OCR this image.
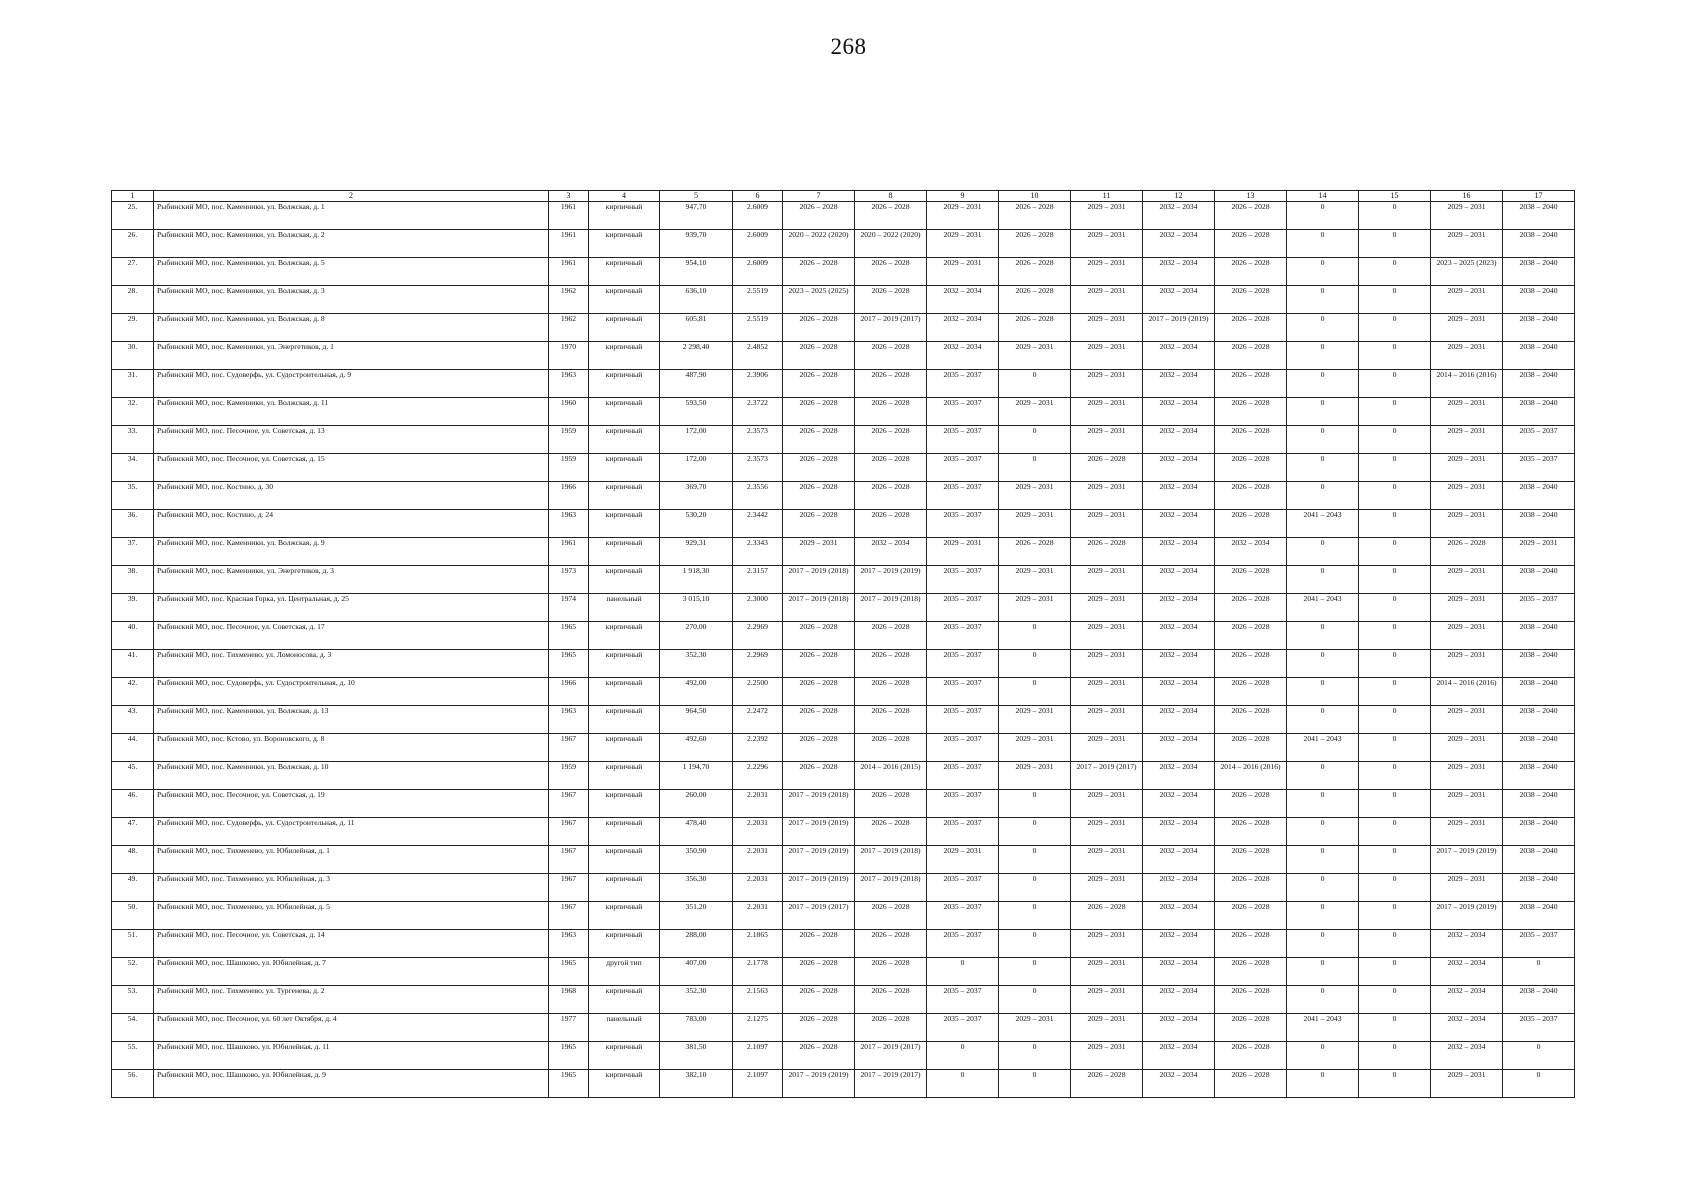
268
1	2	3	4	5	6	7	8	9	10	11	12	13	14	15	16	17
25.	Рыбинский МО, пос. Каменники, ул. Волжская, д. 1	1961	кирпичный	947,70	2.6009	2026 – 2028	2026 – 2028	2029 – 2031	2026 – 2028	2029 – 2031	2032 – 2034	2026 – 2028	0	0	2029 – 2031	2038 – 2040
26.	Рыбинский МО, пос. Каменники, ул. Волжская, д. 2	1961	кирпичный	939,70	2.6009	2020 – 2022 (2020)	2020 – 2022 (2020)	2029 – 2031	2026 – 2028	2029 – 2031	2032 – 2034	2026 – 2028	0	0	2029 – 2031	2038 – 2040
27.	Рыбинский МО, пос. Каменники, ул. Волжская, д. 5	1961	кирпичный	954,10	2.6009	2026 – 2028	2026 – 2028	2029 – 2031	2026 – 2028	2029 – 2031	2032 – 2034	2026 – 2028	0	0	2023 – 2025 (2023)	2038 – 2040
28.	Рыбинский МО, пос. Каменники, ул. Волжская, д. 3	1962	кирпичный	636,10	2.5519	2023 – 2025 (2025)	2026 – 2028	2032 – 2034	2026 – 2028	2029 – 2031	2032 – 2034	2026 – 2028	0	0	2029 – 2031	2038 – 2040
29.	Рыбинский МО, пос. Каменники, ул. Волжская, д. 8	1962	кирпичный	605,81	2.5519	2026 – 2028	2017 – 2019 (2017)	2032 – 2034	2026 – 2028	2029 – 2031	2017 – 2019 (2019)	2026 – 2028	0	0	2029 – 2031	2038 – 2040
30.	Рыбинский МО, пос. Каменники, ул. Энергетиков, д. 1	1970	кирпичный	2 298,40	2.4852	2026 – 2028	2026 – 2028	2032 – 2034	2029 – 2031	2029 – 2031	2032 – 2034	2026 – 2028	0	0	2029 – 2031	2038 – 2040
31.	Рыбинский МО, пос. Судоверфь, ул. Судостроительная, д. 9	1963	кирпичный	487,90	2.3906	2026 – 2028	2026 – 2028	2035 – 2037	0	2029 – 2031	2032 – 2034	2026 – 2028	0	0	2014 – 2016 (2016)	2038 – 2040
32.	Рыбинский МО, пос. Каменники, ул. Волжская, д. 11	1960	кирпичный	593,50	2.3722	2026 – 2028	2026 – 2028	2035 – 2037	2029 – 2031	2029 – 2031	2032 – 2034	2026 – 2028	0	0	2029 – 2031	2038 – 2040
33.	Рыбинский МО, пос. Песочное, ул. Советская, д. 13	1959	кирпичный	172,00	2.3573	2026 – 2028	2026 – 2028	2035 – 2037	0	2029 – 2031	2032 – 2034	2026 – 2028	0	0	2029 – 2031	2035 – 2037
34.	Рыбинский МО, пос. Песочное, ул. Советская, д. 15	1959	кирпичный	172,00	2.3573	2026 – 2028	2026 – 2028	2035 – 2037	0	2026 – 2028	2032 – 2034	2026 – 2028	0	0	2029 – 2031	2035 – 2037
35.	Рыбинский МО, пос. Костино, д. 30	1966	кирпичный	369,70	2.3556	2026 – 2028	2026 – 2028	2035 – 2037	2029 – 2031	2029 – 2031	2032 – 2034	2026 – 2028	0	0	2029 – 2031	2038 – 2040
36.	Рыбинский МО, пос. Костино, д. 24	1963	кирпичный	530,20	2.3442	2026 – 2028	2026 – 2028	2035 – 2037	2029 – 2031	2029 – 2031	2032 – 2034	2026 – 2028	2041 – 2043	0	2029 – 2031	2038 – 2040
37.	Рыбинский МО, пос. Каменники, ул. Волжская, д. 9	1961	кирпичный	929,31	2.3343	2029 – 2031	2032 – 2034	2029 – 2031	2026 – 2028	2026 – 2028	2032 – 2034	2032 – 2034	0	0	2026 – 2028	2029 – 2031
38.	Рыбинский МО, пос. Каменники, ул. Энергетиков, д. 3	1973	кирпичный	1 918,30	2.3157	2017 – 2019 (2018)	2017 – 2019 (2019)	2035 – 2037	2029 – 2031	2029 – 2031	2032 – 2034	2026 – 2028	0	0	2029 – 2031	2038 – 2040
39.	Рыбинский МО, пос. Красная Горка, ул. Центральная, д. 25	1974	панельный	3 015,10	2.3000	2017 – 2019 (2018)	2017 – 2019 (2018)	2035 – 2037	2029 – 2031	2029 – 2031	2032 – 2034	2026 – 2028	2041 – 2043	0	2029 – 2031	2035 – 2037
40.	Рыбинский МО, пос. Песочное, ул. Советская, д. 17	1965	кирпичный	270,00	2.2969	2026 – 2028	2026 – 2028	2035 – 2037	0	2029 – 2031	2032 – 2034	2026 – 2028	0	0	2029 – 2031	2038 – 2040
41.	Рыбинский МО, пос. Тихменево, ул. Ломоносова, д. 3	1965	кирпичный	352,30	2.2969	2026 – 2028	2026 – 2028	2035 – 2037	0	2029 – 2031	2032 – 2034	2026 – 2028	0	0	2029 – 2031	2038 – 2040
42.	Рыбинский МО, пос. Судоверфь, ул. Судостроительная, д. 10	1966	кирпичный	492,00	2.2500	2026 – 2028	2026 – 2028	2035 – 2037	0	2029 – 2031	2032 – 2034	2026 – 2028	0	0	2014 – 2016 (2016)	2038 – 2040
43.	Рыбинский МО, пос. Каменники, ул. Волжская, д. 13	1963	кирпичный	964,50	2.2472	2026 – 2028	2026 – 2028	2035 – 2037	2029 – 2031	2029 – 2031	2032 – 2034	2026 – 2028	0	0	2029 – 2031	2038 – 2040
44.	Рыбинский МО, пос. Кстово, ул. Вороновского, д. 8	1967	кирпичный	492,60	2.2392	2026 – 2028	2026 – 2028	2035 – 2037	2029 – 2031	2029 – 2031	2032 – 2034	2026 – 2028	2041 – 2043	0	2029 – 2031	2038 – 2040
45.	Рыбинский МО, пос. Каменники, ул. Волжская, д. 10	1959	кирпичный	1 194,70	2.2296	2026 – 2028	2014 – 2016 (2015)	2035 – 2037	2029 – 2031	2017 – 2019 (2017)	2032 – 2034	2014 – 2016 (2016)	0	0	2029 – 2031	2038 – 2040
46.	Рыбинский МО, пос. Песочное, ул. Советская, д. 19	1967	кирпичный	260,00	2.2031	2017 – 2019 (2018)	2026 – 2028	2035 – 2037	0	2029 – 2031	2032 – 2034	2026 – 2028	0	0	2029 – 2031	2038 – 2040
47.	Рыбинский МО, пос. Судоверфь, ул. Судостроительная, д. 11	1967	кирпичный	478,40	2.2031	2017 – 2019 (2019)	2026 – 2028	2035 – 2037	0	2029 – 2031	2032 – 2034	2026 – 2028	0	0	2029 – 2031	2038 – 2040
48.	Рыбинский МО, пос. Тихменево, ул. Юбилейная, д. 1	1967	кирпичный	350,90	2.2031	2017 – 2019 (2019)	2017 – 2019 (2018)	2029 – 2031	0	2029 – 2031	2032 – 2034	2026 – 2028	0	0	2017 – 2019 (2019)	2038 – 2040
49.	Рыбинский МО, пос. Тихменево, ул. Юбилейная, д. 3	1967	кирпичный	356,30	2.2031	2017 – 2019 (2019)	2017 – 2019 (2018)	2035 – 2037	0	2029 – 2031	2032 – 2034	2026 – 2028	0	0	2029 – 2031	2038 – 2040
50.	Рыбинский МО, пос. Тихменево, ул. Юбилейная, д. 5	1967	кирпичный	351,20	2.2031	2017 – 2019 (2017)	2026 – 2028	2035 – 2037	0	2026 – 2028	2032 – 2034	2026 – 2028	0	0	2017 – 2019 (2019)	2038 – 2040
51.	Рыбинский МО, пос. Песочное, ул. Советская, д. 14	1963	кирпичный	288,00	2.1865	2026 – 2028	2026 – 2028	2035 – 2037	0	2029 – 2031	2032 – 2034	2026 – 2028	0	0	2032 – 2034	2035 – 2037
52.	Рыбинский МО, пос. Шашково, ул. Юбилейная, д. 7	1965	другой тип	407,00	2.1778	2026 – 2028	2026 – 2028	0	0	2029 – 2031	2032 – 2034	2026 – 2028	0	0	2032 – 2034	0
53.	Рыбинский МО, пос. Тихменево, ул. Тургенева, д. 2	1968	кирпичный	352,30	2.1563	2026 – 2028	2026 – 2028	2035 – 2037	0	2029 – 2031	2032 – 2034	2026 – 2028	0	0	2032 – 2034	2038 – 2040
54.	Рыбинский МО, пос. Песочное, ул. 60 лет Октября, д. 4	1977	панельный	783,00	2.1275	2026 – 2028	2026 – 2028	2035 – 2037	2029 – 2031	2029 – 2031	2032 – 2034	2026 – 2028	2041 – 2043	0	2032 – 2034	2035 – 2037
55.	Рыбинский МО, пос. Шашково, ул. Юбилейная, д. 11	1965	кирпичный	381,50	2.1097	2026 – 2028	2017 – 2019 (2017)	0	0	2029 – 2031	2032 – 2034	2026 – 2028	0	0	2032 – 2034	0
56.	Рыбинский МО, пос. Шашково, ул. Юбилейная, д. 9	1965	кирпичный	382,10	2.1097	2017 – 2019 (2019)	2017 – 2019 (2017)	0	0	2026 – 2028	2032 – 2034	2026 – 2028	0	0	2029 – 2031	0
